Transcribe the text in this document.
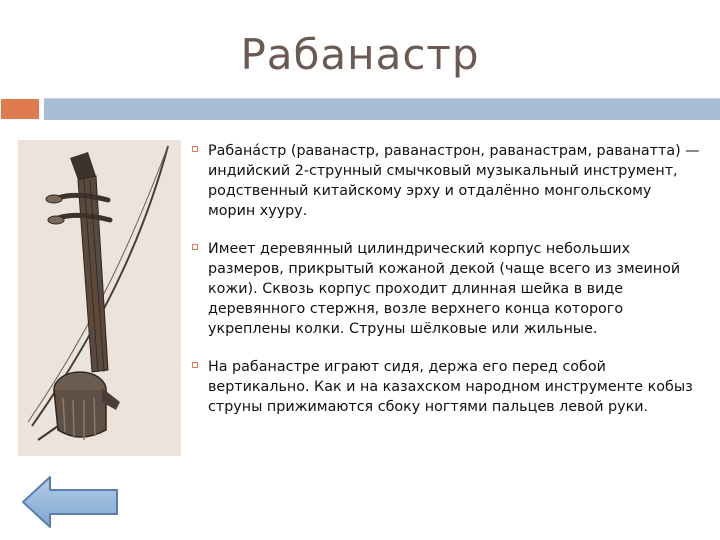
Рабанастр
Рабана́стр (раванастр, раванастрон, раванастрам, раванатта) — индийский 2-струнный смычковый музыкальный инструмент, родственный китайскому эрху и отдалённо монгольскому морин хууру.
Имеет деревянный цилиндрический корпус небольших размеров, прикрытый кожаной декой (чаще всего из змеиной кожи). Сквозь корпус проходит длинная шейка в виде деревянного стержня, возле верхнего конца которого укреплены колки. Струны шёлковые или жильные.
На рабанастре играют сидя, держа его перед собой вертикально. Как и на казахском народном инструменте кобыз струны прижимаются сбоку ногтями пальцев левой руки.
